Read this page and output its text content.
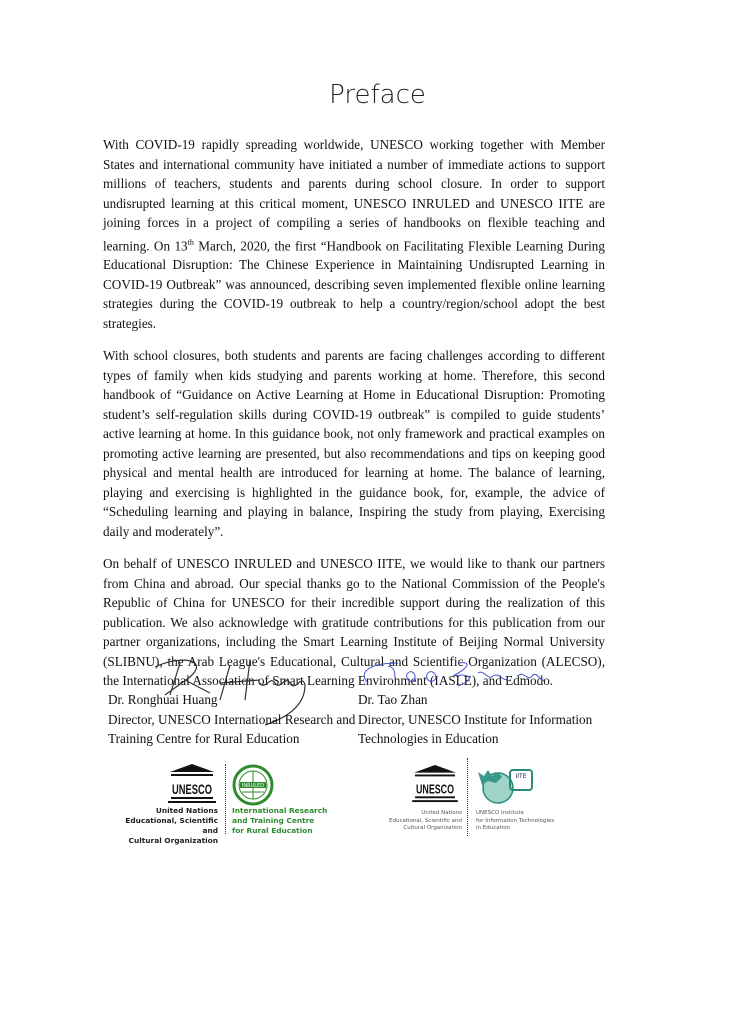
Preface

With COVID-19 rapidly spreading worldwide, UNESCO working together with Member States and international community have initiated a number of immediate actions to support millions of teachers, students and parents during school closure. In order to support undisrupted learning at this critical moment, UNESCO INRULED and UNESCO IITE are joining forces in a project of compiling a series of handbooks on flexible teaching and learning. On 13th March, 2020, the first “Handbook on Facilitating Flexible Learning During Educational Disruption: The Chinese Experience in Maintaining Undisrupted Learning in COVID-19 Outbreak” was announced, describing seven implemented flexible online learning strategies during the COVID-19 outbreak to help a country/region/school adopt the best strategies.

With school closures, both students and parents are facing challenges according to different types of family when kids studying and parents working at home. Therefore, this second handbook of “Guidance on Active Learning at Home in Educational Disruption: Promoting student’s self-regulation skills during COVID-19 outbreak” is compiled to guide students’ active learning at home. In this guidance book, not only framework and practical examples on promoting active learning are presented, but also recommendations and tips on keeping good physical and mental health are introduced for learning at home. The balance of learning, playing and exercising is highlighted in the guidance book, for, example, the advice of “Scheduling learning and playing in balance, Inspiring the study from playing, Exercising daily and moderately”.

On behalf of UNESCO INRULED and UNESCO IITE, we would like to thank our partners from China and abroad. Our special thanks go to the National Commission of the People's Republic of China for UNESCO for their incredible support during the realization of this publication. We also acknowledge with gratitude contributions for this publication from our partner organizations, including the Smart Learning Institute of Beijing Normal University (SLIBNU), the Arab League's Educational, Cultural and Scientific Organization (ALECSO), the International Association of Smart Learning Environment (IASLE), and Edmodo.

Dr. Ronghuai Huang
Director, UNESCO International Research and
Training Centre for Rural Education
Dr. Tao Zhan
Director, UNESCO Institute for Information
Technologies in Education
UNESCO
United Nations
Educational, Scientific and
Cultural Organization
INRULED
International Research
and Training Centre
for Rural Education
UNESCO
United Nations
Educational, Scientific and
Cultural Organization
IITE
UNESCO Institute
for Information Technologies
in Education
